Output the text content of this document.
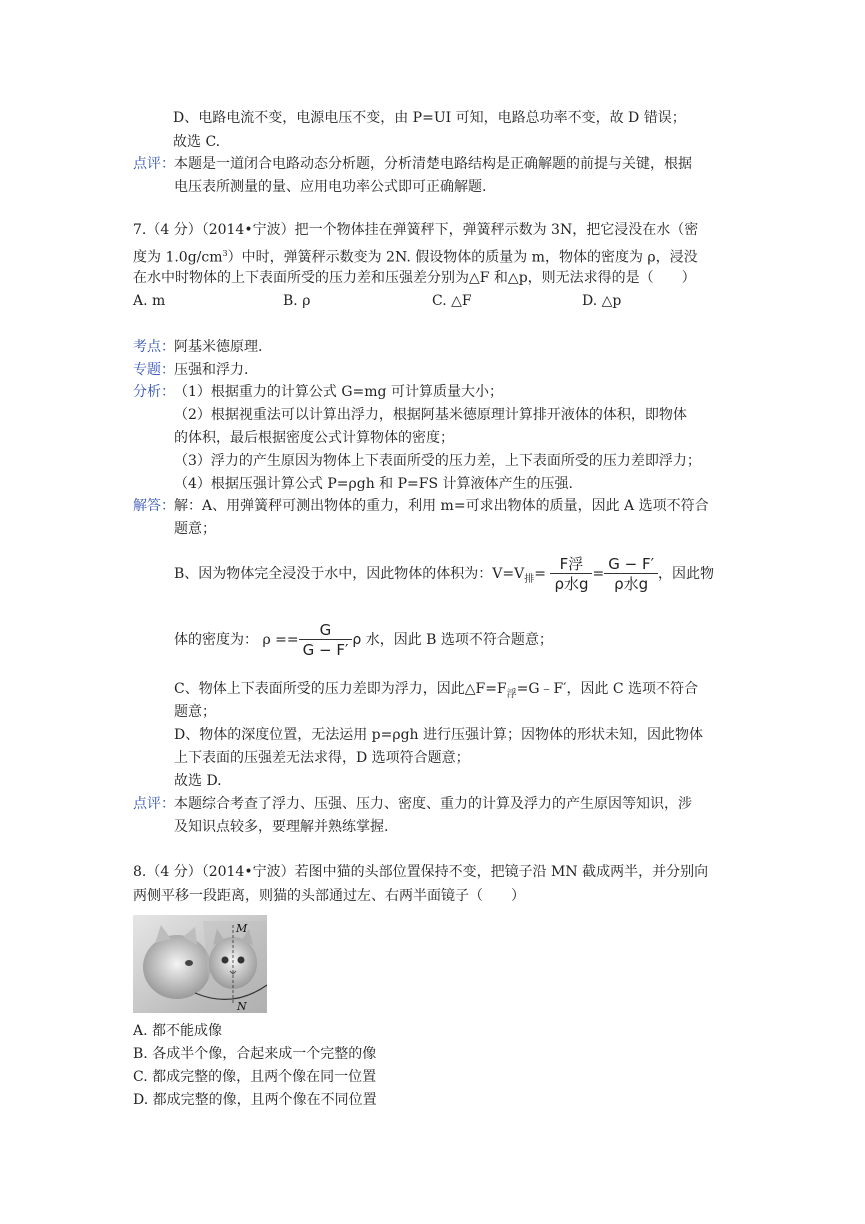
D、电路电流不变，电源电压不变，由 P=UI 可知，电路总功率不变，故 D 错误；
故选 C.
点评： 本题是一道闭合电路动态分析题，分析清楚电路结构是正确解题的前提与关键，根据
电压表所测量的量、应用电功率公式即可正确解题.
7.（4 分）（2014•宁波）把一个物体挂在弹簧秤下，弹簧秤示数为 3N，把它浸没在水（密
度为 $1.0g/cm^3$）中时，弹簧秤示数变为 2N. 假设物体的质量为 m，物体的密度为 ρ，浸没
在水中时物体的上下表面所受的压力差和压强差分别为△F 和△p，则无法求得的是（　　）
A. m	B. ρ	C. △F	D. △p
考点： 阿基米德原理.
专题： 压强和浮力.
分析： （1）根据重力的计算公式 G=mg 可计算质量大小；
（2）根据视重法可以计算出浮力，根据阿基米德原理计算排开液体的体积，即物体
的体积，最后根据密度公式计算物体的密度；
（3）浮力的产生原因为物体上下表面所受的压力差，上下表面所受的压力差即浮力；
（4）根据压强计算公式 P=ρgh 和 P=FS 计算液体产生的压强.
解答： 解：A、用弹簧秤可测出物体的重力，利用 m=可求出物体的质量，因此 A 选项不符合
题意；
B、因为物体完全浸没于水中，因此物体的体积为：$V=V_排= \frac{\text{F浮}}{\text{ρ水g}} = \frac{G - F'}{\text{ρ水g}}$ ，因此物
体的密度为： $\rho == \frac{G}{G - F'}$ ρ 水，因此 B 选项不符合题意；
C、物体上下表面所受的压力差即为浮力，因此$\triangle F=F_浮=G﹣F'$，因此 C 选项不符合
题意；
D、物体的深度位置，无法运用 p=ρgh 进行压强计算；因物体的形状未知，因此物体
上下表面的压强差无法求得，D 选项符合题意；
故选 D.
点评： 本题综合考查了浮力、压强、压力、密度、重力的计算及浮力的产生原因等知识，涉
及知识点较多，要理解并熟练掌握.
8.（4 分）（2014•宁波）若图中猫的头部位置保持不变，把镜子沿 MN 截成两半，并分别向
两侧平移一段距离，则猫的头部通过左、右两半面镜子（　　）
M
N
A. 都不能成像
B. 各成半个像，合起来成一个完整的像
C. 都成完整的像，且两个像在同一位置
D. 都成完整的像，且两个像在不同位置
